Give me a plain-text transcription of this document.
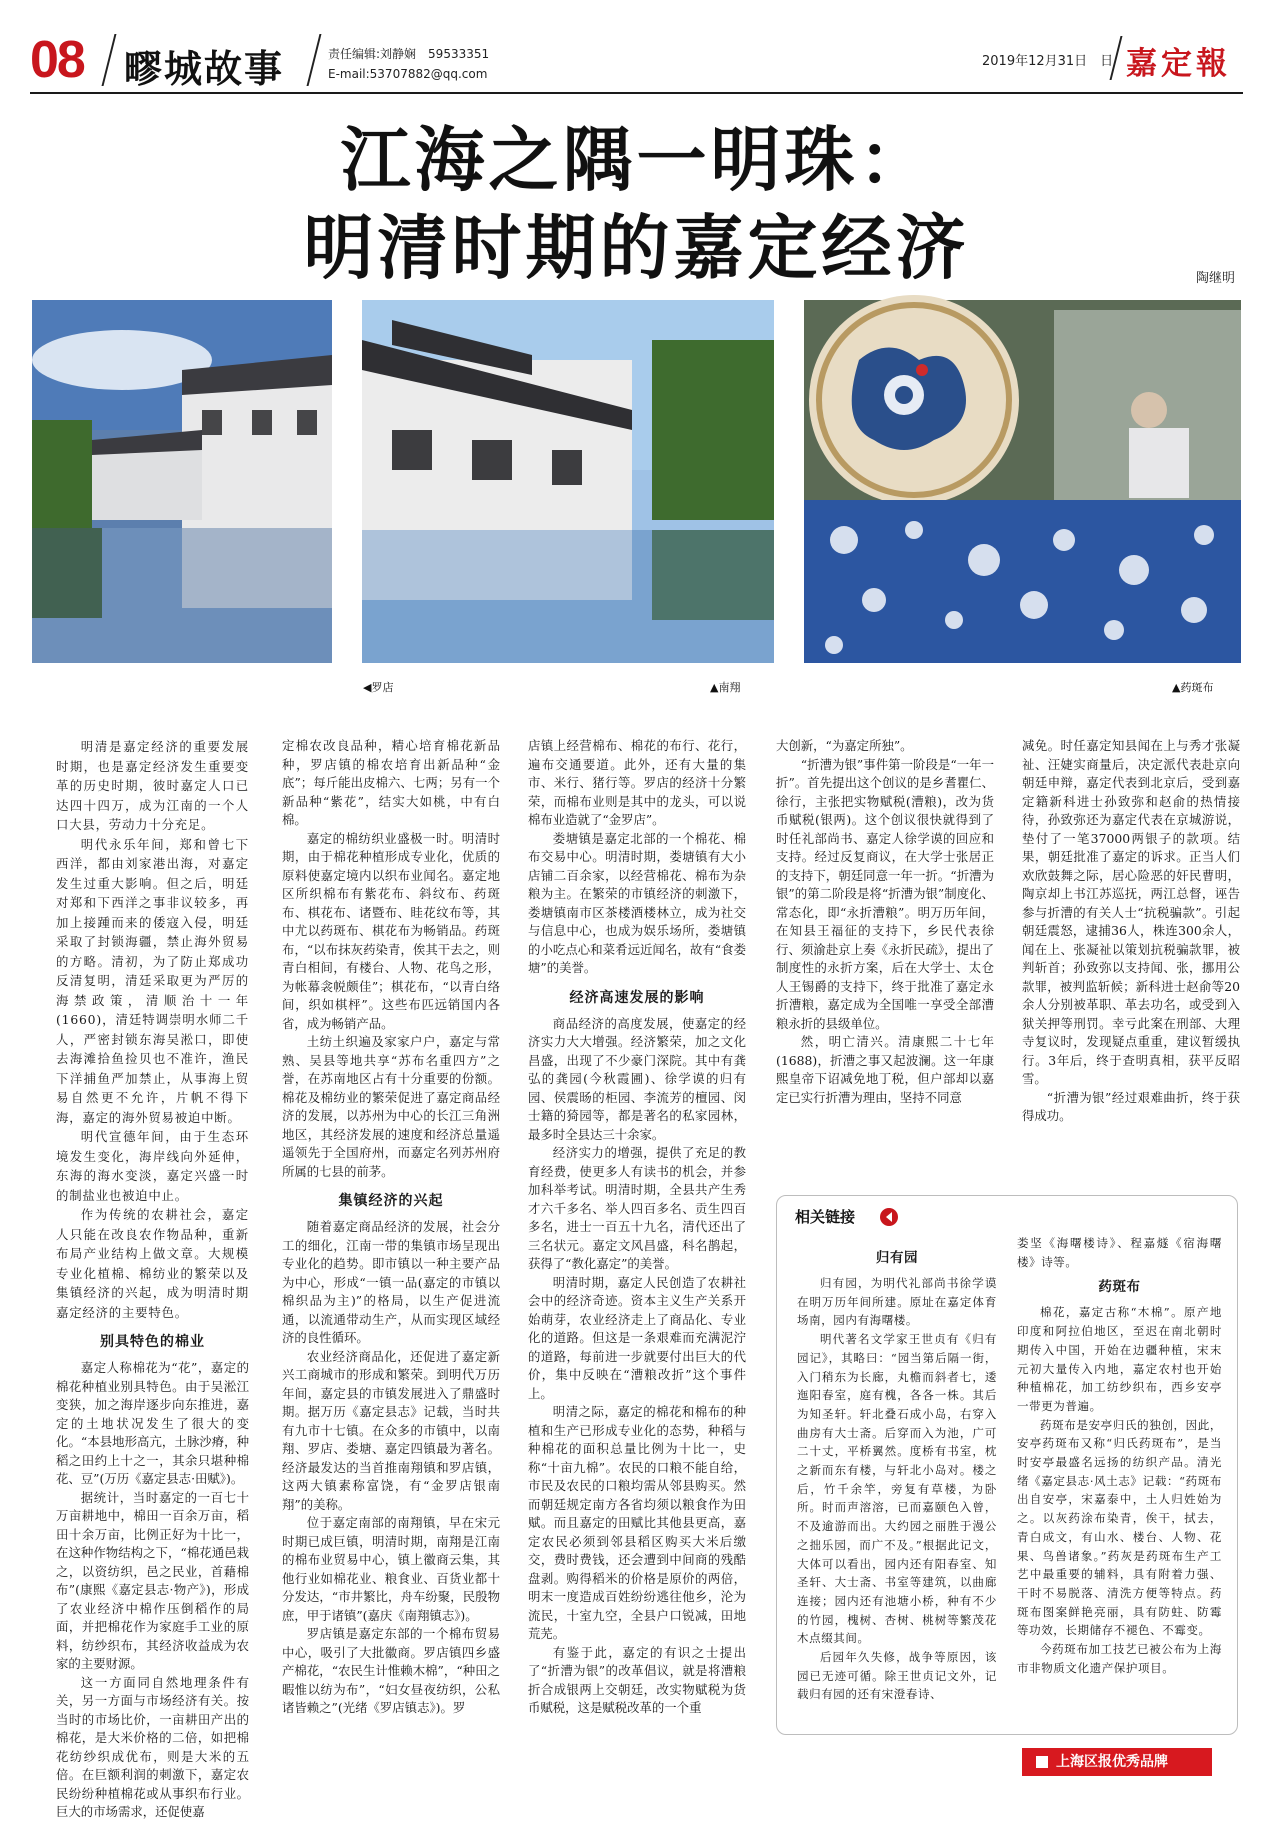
08 疁城故事	责任编辑:刘静娴　59533351
E-mail:53707882@qq.com
2019年12月31日　日 嘉定報
江海之隅一明珠：
明清时期的嘉定经济	陶继明
◀罗店	▲南翔	▲药斑布

明清是嘉定经济的重要发展时期，也是嘉定经济发生重要变革的历史时期，彼时嘉定人口已达四十四万，成为江南的一个人口大县，劳动力十分充足。

明代永乐年间，郑和曾七下西洋，都由刘家港出海，对嘉定发生过重大影响。但之后，明廷对郑和下西洋之事非议较多，再加上接踵而来的倭寇入侵，明廷采取了封锁海疆，禁止海外贸易的方略。清初，为了防止郑成功反清复明，清廷采取更为严厉的海禁政策，清顺治十一年(1660)，清廷特调崇明水师二千人，严密封锁东海吴淞口，即使去海滩拾鱼捡贝也不准许，渔民下洋捕鱼严加禁止，从事海上贸易自然更不允许，片帆不得下海，嘉定的海外贸易被迫中断。

明代宣德年间，由于生态环境发生变化，海岸线向外延伸，东海的海水变淡，嘉定兴盛一时的制盐业也被迫中止。

作为传统的农耕社会，嘉定人只能在改良农作物品种，重新布局产业结构上做文章。大规模专业化植棉、棉纺业的繁荣以及集镇经济的兴起，成为明清时期嘉定经济的主要特色。

别具特色的棉业

嘉定人称棉花为“花”，嘉定的棉花种植业别具特色。由于吴淞江变狭，加之海岸逐步向东推进，嘉定的土地状况发生了很大的变化。“本县地形高亢，土脉沙瘠，种稻之田约上十之一，其余只堪种棉花、豆”(万历《嘉定县志·田赋》)。

据统计，当时嘉定的一百七十万亩耕地中，棉田一百余万亩，稻田十余万亩，比例正好为十比一，在这种作物结构之下，“棉花通邑栽之，以资纺织，邑之民业，首藉棉布”(康熙《嘉定县志·物产》)，形成了农业经济中棉作压倒稻作的局面，并把棉花作为家庭手工业的原料，纺纱织布，其经济收益成为农家的主要财源。

这一方面同自然地理条件有关，另一方面与市场经济有关。按当时的市场比价，一亩耕田产出的棉花，是大米价格的二倍，如把棉花纺纱织成优布，则是大米的五倍。在巨额利润的刺激下，嘉定农民纷纷种植棉花或从事织布行业。巨大的市场需求，还促使嘉

定棉农改良品种，精心培育棉花新品种，罗店镇的棉农培育出新品种“金底”；每斤能出皮棉六、七两；另有一个新品种“紫花”，结实大如桃，中有白棉。

嘉定的棉纺织业盛极一时。明清时期，由于棉花种植形成专业化，优质的原料使嘉定境内以织布业闻名。嘉定地区所织棉布有紫花布、斜纹布、药斑布、棋花布、诸暨布、眭花纹布等，其中尤以药斑布、棋花布为畅销品。药斑布，“以布抹灰药染青，俟其干去之，则青白相间，有楼台、人物、花鸟之形，为帐幕衾帨颇佳”；棋花布，“以青白络间，织如棋枰”。这些布匹远销国内各省，成为畅销产品。

土纺土织遍及家家户户，嘉定与常熟、吴县等地共享“苏布名重四方”之誉，在苏南地区占有十分重要的份额。棉花及棉纺业的繁荣促进了嘉定商品经济的发展，以苏州为中心的长江三角洲地区，其经济发展的速度和经济总量遥遥领先于全国府州，而嘉定名列苏州府所属的七县的前茅。

集镇经济的兴起

随着嘉定商品经济的发展，社会分工的细化，江南一带的集镇市场呈现出专业化的趋势。即市镇以一种主要产品为中心，形成“一镇一品(嘉定的市镇以棉织品为主)”的格局，以生产促进流通，以流通带动生产，从而实现区域经济的良性循环。

农业经济商品化，还促进了嘉定新兴工商城市的形成和繁荣。到明代万历年间，嘉定县的市镇发展进入了鼎盛时期。据万历《嘉定县志》记载，当时共有九市十七镇。在众多的市镇中，以南翔、罗店、娄塘、嘉定四镇最为著名。经济最发达的当首推南翔镇和罗店镇，这两大镇素称富饶，有“金罗店银南翔”的美称。

位于嘉定南部的南翔镇，早在宋元时期已成巨镇，明清时期，南翔是江南的棉布业贸易中心，镇上徽商云集，其他行业如棉花业、粮食业、百货业都十分发达，“市井繁比，舟车纷聚，民殷物庶，甲于诸镇”(嘉庆《南翔镇志》)。

罗店镇是嘉定东部的一个棉布贸易中心，吸引了大批徽商。罗店镇四乡盛产棉花，“农民生计惟赖木棉”，“种田之暇惟以纺为布”，“妇女昼夜纺织，公私诸皆赖之”(光绪《罗店镇志》)。罗

店镇上经营棉布、棉花的布行、花行，遍布交通要道。此外，还有大量的集市、米行、猪行等。罗店的经济十分繁荣，而棉布业则是其中的龙头，可以说棉布业造就了“金罗店”。

娄塘镇是嘉定北部的一个棉花、棉布交易中心。明清时期，娄塘镇有大小店铺二百余家，以经营棉花、棉布为杂粮为主。在繁荣的市镇经济的刺激下，娄塘镇南市区茶楼酒楼林立，成为社交与信息中心，也成为娱乐场所，娄塘镇的小吃点心和菜肴远近闻名，故有“食娄塘”的美誉。

经济高速发展的影响

商品经济的高度发展，使嘉定的经济实力大大增强。经济繁荣，加之文化昌盛，出现了不少豪门深院。其中有龚弘的龚园(今秋霞圃)、徐学谟的归有园、侯震旸的柜园、李流芳的檀园、闵士籍的猗园等，都是著名的私家园林，最多时全县达三十余家。

经济实力的增强，提供了充足的教育经费，使更多人有读书的机会，并参加科举考试。明清时期，全县共产生秀才六千多名、举人四百多名、贡生四百多名，进士一百五十九名，清代还出了三名状元。嘉定文风昌盛，科名鹊起，获得了“教化嘉定”的美誉。

明清时期，嘉定人民创造了农耕社会中的经济奇迹。资本主义生产关系开始萌芽，农业经济走上了商品化、专业化的道路。但这是一条艰难而充满泥泞的道路，每前进一步就要付出巨大的代价，集中反映在“漕粮改折”这个事件上。

明清之际，嘉定的棉花和棉布的种植和生产已形成专业化的态势，种稻与种棉花的面积总量比例为十比一，史称“十亩九棉”。农民的口粮不能自给，市民及农民的口粮均需从邻县购买。然而朝廷规定南方各省均须以粮食作为田赋。而且嘉定的田赋比其他县更高，嘉定农民必须到邻县稻区购买大米后缴交，费时费钱，还会遭到中间商的残酷盘剥。购得稻米的价格是原价的两倍，明末一度造成百姓纷纷逃往他乡，沦为流民，十室九空，全县户口锐减，田地荒芜。

有鉴于此，嘉定的有识之士提出了“折漕为银”的改革倡议，就是将漕粮折合成银两上交朝廷，改实物赋税为货币赋税，这是赋税改革的一个重

大创新，“为嘉定所独”。

“折漕为银”事件第一阶段是“一年一折”。首先提出这个创议的是乡耆瞿仁、徐行，主张把实物赋税(漕粮)，改为货币赋税(银两)。这个创议很快就得到了时任礼部尚书、嘉定人徐学谟的回应和支持。经过反复商议，在大学士张居正的支持下，朝廷同意一年一折。“折漕为银”的第二阶段是将“折漕为银”制度化、常态化，即“永折漕粮”。明万历年间，在知县王福征的支持下，乡民代表徐行、须渝赴京上奏《永折民疏》，提出了制度性的永折方案，后在大学士、太仓人王锡爵的支持下，终于批准了嘉定永折漕粮，嘉定成为全国唯一享受全部漕粮永折的县级单位。

然，明亡清兴。清康熙二十七年(1688)，折漕之事又起波澜。这一年康熙皇帝下诏减免地丁税，但户部却以嘉定已实行折漕为理由，坚持不同意

减免。时任嘉定知县闻在上与秀才张凝祉、汪婕实商量后，决定派代表赴京向朝廷申辩，嘉定代表到北京后，受到嘉定籍新科进士孙致弥和赵俞的热情接待，孙致弥还为嘉定代表在京城游说，垫付了一笔37000两银子的款项。结果，朝廷批准了嘉定的诉求。正当人们欢欣鼓舞之际，居心险恶的奸民曹明，陶京却上书江苏巡抚，两江总督，诬告参与折漕的有关人士“抗税骗款”。引起朝廷震怒，逮捕36人，株连300余人，闻在上、张凝祉以策划抗税骗款罪，被判斩首；孙致弥以支持闻、张，挪用公款罪，被判监斩候；新科进士赵俞等20余人分别被革职、革去功名，或受到入狱关押等刑罚。幸亏此案在刑部、大理寺复议时，发现疑点重重，建议暂缓执行。3年后，终于查明真相，获平反昭雪。

“折漕为银”经过艰难曲折，终于获得成功。

相关链接
归有园

归有园，为明代礼部尚书徐学谟在明万历年间所建。原址在嘉定体育场南，园内有海曙楼。

明代著名文学家王世贞有《归有园记》，其略曰：“园当第后隔一街，入门稍东为长廊，丸檐而斜者七，逶迤阳春室，庭有槐，各各一株。其后为知圣轩。轩北叠石成小岛，右穿入曲房有大士斋。后穿而入为池，广可二十丈，平桥翼然。度桥有书室，枕之新而东有楼，与轩北小岛对。楼之后，竹千余竿，旁复有草楼，为卧所。时而声溶溶，已而嘉颐色入曾，不及逾游而出。大约园之丽胜于漫公之拙乐园，而广不及。”根据此记文，大体可以看出，园内还有阳春室、知圣轩、大士斋、书室等建筑，以曲廊连接；园内还有池塘小桥，种有不少的竹园，槐树、杏树、桃树等繁茂花木点缀其间。

后园年久失修，战争等原因，该园已无迹可循。除王世贞记文外，记载归有园的还有宋澄春诗、

娄坚《海曙楼诗》、程嘉燧《宿海曙楼》诗等。

药斑布

棉花，嘉定古称“木棉”。原产地印度和阿拉伯地区，至迟在南北朝时期传入中国，开始在边疆种植，宋末元初大量传入内地，嘉定农村也开始种植棉花，加工纺纱织布，西乡安亭一带更为普遍。

药斑布是安亭归氏的独创，因此，安亭药斑布又称“归氏药斑布”，是当时安亭最盛名远扬的纺织产品。清光绪《嘉定县志·风土志》记载：“药斑布出自安亭，宋嘉泰中，土人归姓始为之。以灰药涂布染青，俟干，拭去，青白成文，有山水、楼台、人物、花果、鸟兽诸象。”药灰是药斑布生产工艺中最重要的辅料，具有附着力强、干时不易脱落、清洗方便等特点。药斑布图案鲜艳亮丽，具有防蛀、防霉等功效，长期储存不褪色、不霉变。

今药斑布加工技艺已被公布为上海市非物质文化遗产保护项目。

上海区报优秀品牌
